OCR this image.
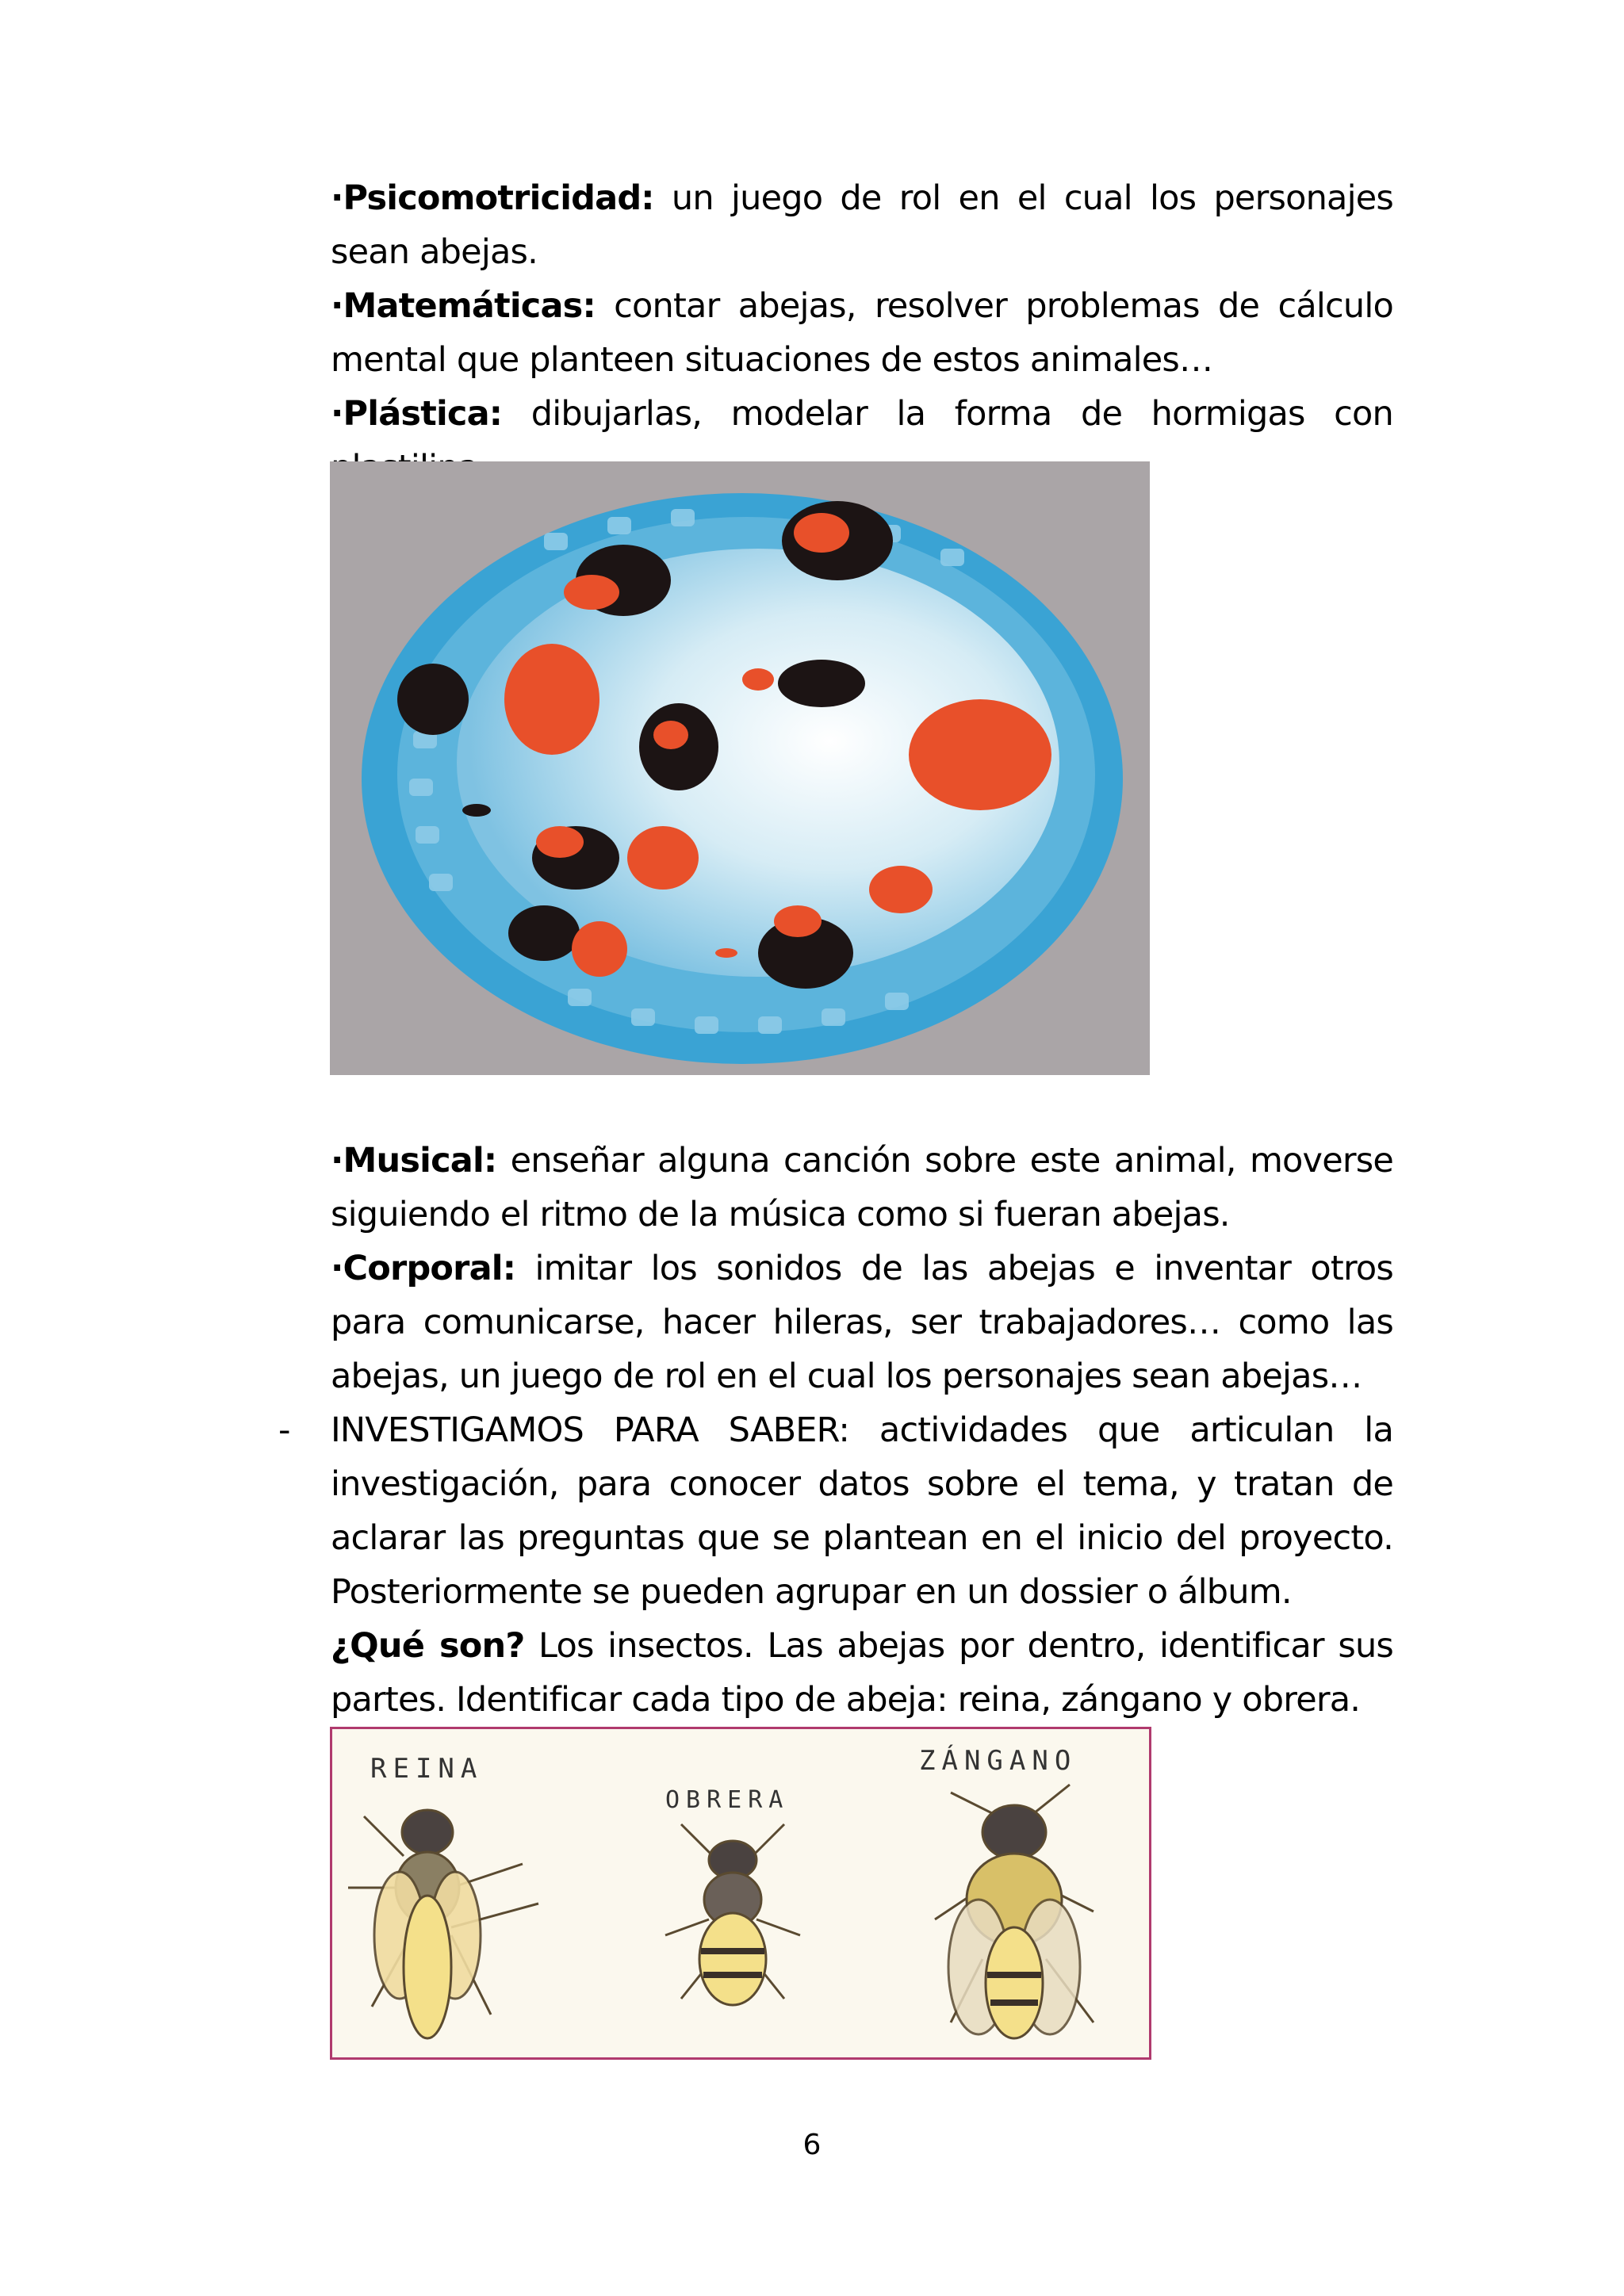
·Psicomotricidad: un juego de rol en el cual los personajes sean abejas.

·Matemáticas: contar abejas, resolver problemas de cálculo mental que planteen situaciones de estos animales…

·Plástica: dibujarlas, modelar la forma de hormigas con

·Musical: enseñar alguna canción sobre este animal, moverse siguiendo el ritmo de la música como si fueran abejas.

·Corporal: imitar los sonidos de las abejas e inventar otros para comunicarse, hacer hileras, ser trabajadores… como las abejas, un juego de rol en el cual los personajes sean abejas…

INVESTIGAMOS PARA SABER: actividades que articulan la investigación, para conocer datos sobre el tema, y tratan de aclarar las preguntas que se plantean en el inicio del proyecto. Posteriormente se pueden agrupar en un dossier o álbum.

¿Qué son? Los insectos. Las abejas por dentro, identificar sus partes. Identificar cada tipo de abeja: reina, zángano y obrera.

-
REINA
OBRERA
ZÁNGANO
6
